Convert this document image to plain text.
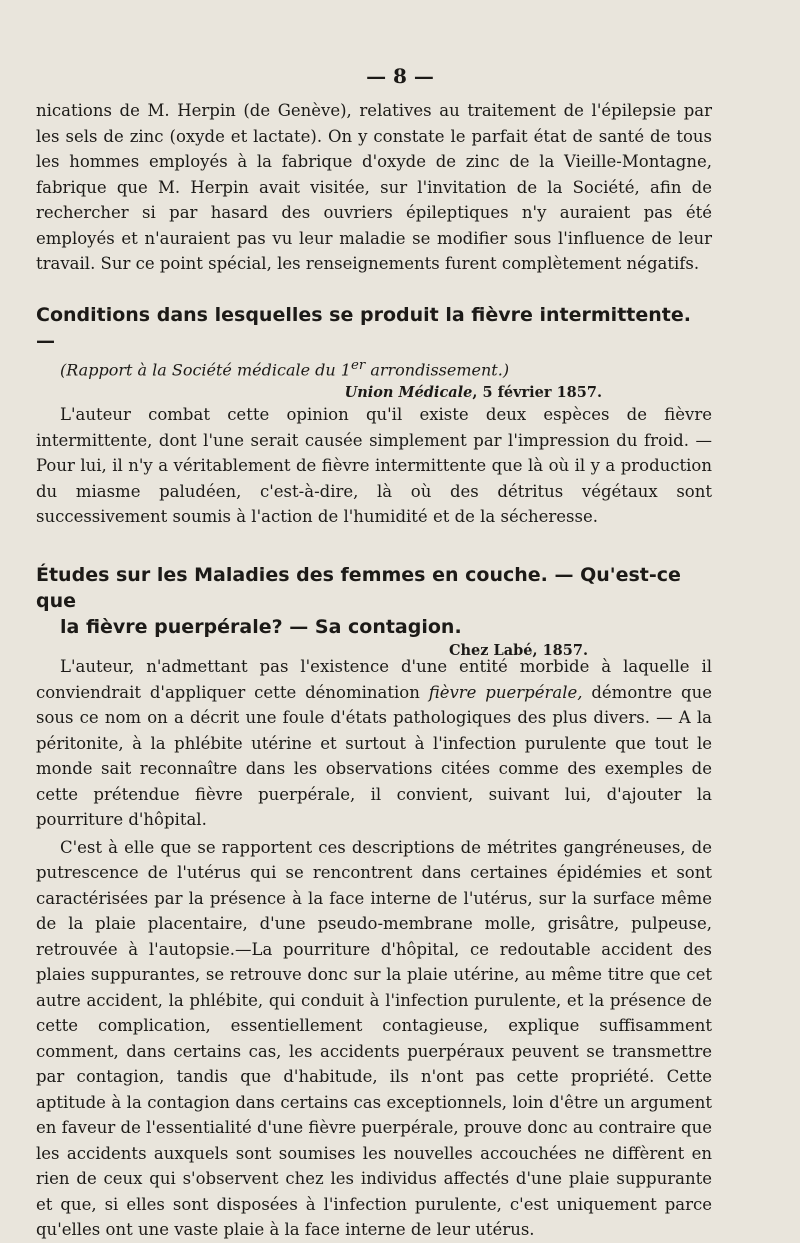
— 8 —

nications de M. Herpin (de Genève), relatives au traitement de l'épilepsie par les sels de zinc (oxyde et lactate). On y constate le parfait état de santé de tous les hommes employés à la fabrique d'oxyde de zinc de la Vieille-Montagne, fabrique que M. Herpin avait visitée, sur l'invitation de la Société, afin de rechercher si par hasard des ouvriers épileptiques n'y auraient pas été employés et n'auraient pas vu leur maladie se modifier sous l'influence de leur travail. Sur ce point spécial, les renseignements furent complètement négatifs.

Conditions dans lesquelles se produit la fièvre intermittente. —
(Rapport à la Société médicale du 1er arrondissement.)
Union Médicale, 5 février 1857.

L'auteur combat cette opinion qu'il existe deux espèces de fièvre intermittente, dont l'une serait causée simplement par l'impression du froid. — Pour lui, il n'y a véritablement de fièvre intermittente que là où il y a production du miasme paludéen, c'est-à-dire, là où des détritus végétaux sont successivement soumis à l'action de l'humidité et de la sécheresse.

Études sur les Maladies des femmes en couche. — Qu'est-ce que
la fièvre puerpérale? — Sa contagion.
Chez Labé, 1857.

L'auteur, n'admettant pas l'existence d'une entité morbide à laquelle il conviendrait d'appliquer cette dénomination fièvre puerpérale, démontre que sous ce nom on a décrit une foule d'états pathologiques des plus divers. — A la péritonite, à la phlébite utérine et surtout à l'infection purulente que tout le monde sait reconnaître dans les observations citées comme des exemples de cette prétendue fièvre puerpérale, il convient, suivant lui, d'ajouter la pourriture d'hôpital.

C'est à elle que se rapportent ces descriptions de métrites gangréneuses, de putrescence de l'utérus qui se rencontrent dans certaines épidémies et sont caractérisées par la présence à la face interne de l'utérus, sur la surface même de la plaie placentaire, d'une pseudo-membrane molle, grisâtre, pulpeuse, retrouvée à l'autopsie.—La pourriture d'hôpital, ce redoutable accident des plaies suppurantes, se retrouve donc sur la plaie utérine, au même titre que cet autre accident, la phlébite, qui conduit à l'infection purulente, et la présence de cette complication, essentiellement contagieuse, explique suffisamment comment, dans certains cas, les accidents puerpéraux peuvent se transmettre par contagion, tandis que d'habitude, ils n'ont pas cette propriété. Cette aptitude à la contagion dans certains cas exceptionnels, loin d'être un argument en faveur de l'essentialité d'une fièvre puerpérale, prouve donc au contraire que les accidents auxquels sont soumises les nouvelles accouchées ne diffèrent en rien de ceux qui s'observent chez les individus affectés d'une plaie suppurante et que, si elles sont disposées à l'infection purulente, c'est uniquement parce qu'elles ont une vaste plaie à la face interne de leur utérus.
